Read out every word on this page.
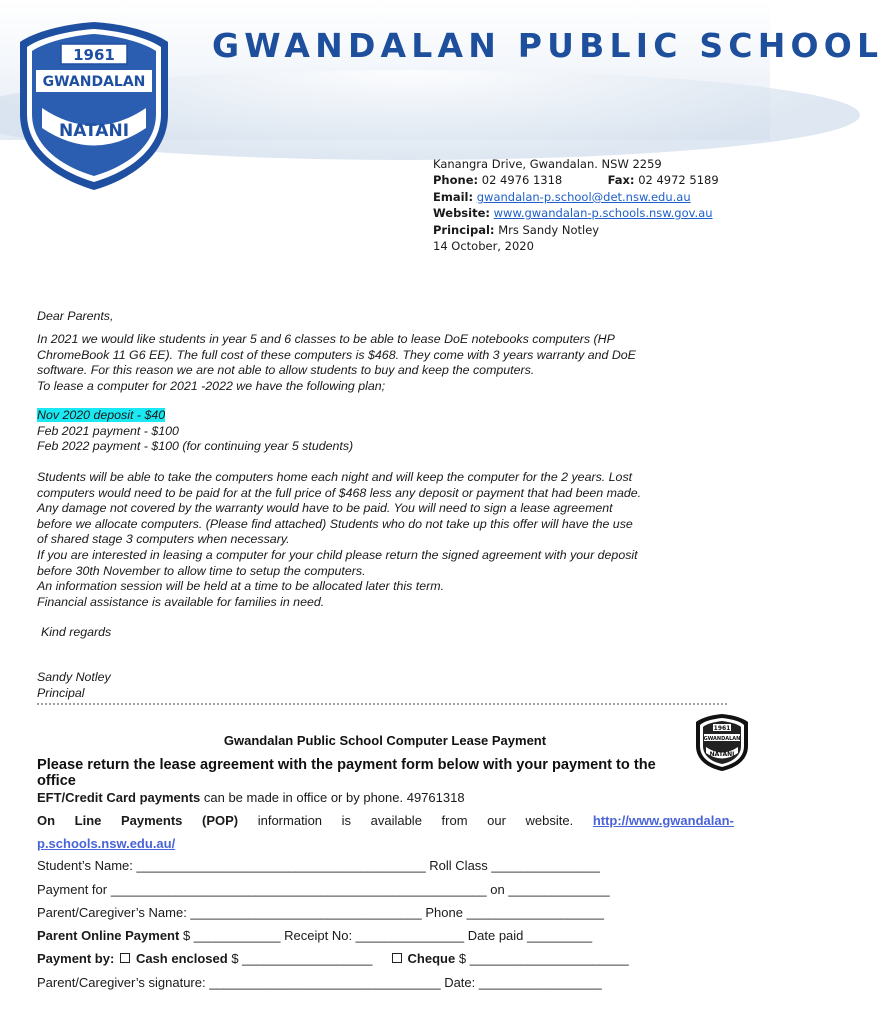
GWANDALAN PUBLIC SCHOOL
1961
GWANDALAN
NATANI
Kanangra Drive, Gwandalan. NSW 2259
Phone: 02 4976 1318	Fax: 02 4972 5189
Email: gwandalan-p.school@det.nsw.edu.au
Website: www.gwandalan-p.schools.nsw.gov.au
Principal: Mrs Sandy Notley
14 October, 2020
Dear Parents,
In 2021 we would like students in year 5 and 6 classes to be able to lease DoE notebooks computers (HP
ChromeBook 11 G6 EE). The full cost of these computers is $468. They come with 3 years warranty and DoE
software. For this reason we are not able to allow students to buy and keep the computers.
To lease a computer for 2021 -2022 we have the following plan;
Nov 2020 deposit - $40
Feb 2021 payment - $100
Feb 2022 payment - $100 (for continuing year 5 students)
Students will be able to take the computers home each night and will keep the computer for the 2 years. Lost
computers would need to be paid for at the full price of $468 less any deposit or payment that had been made.
Any damage not covered by the warranty would have to be paid. You will need to sign a lease agreement
before we allocate computers. (Please find attached) Students who do not take up this offer will have the use
of shared stage 3 computers when necessary.
If you are interested in leasing a computer for your child please return the signed agreement with your deposit
before 30th November to allow time to setup the computers.
An information session will be held at a time to be allocated later this term.
Financial assistance is available for families in need.
Kind regards
Sandy Notley
Principal
1961
GWANDALAN
NATANI
Gwandalan Public School Computer Lease Payment
Please return the lease agreement with the payment form below with your payment to the
office
EFT/Credit Card payments can be made in office or by phone. 49761318
On Line Payments (POP) information is available from our website. http://www.gwandalan-
p.schools.nsw.edu.au/
Student’s Name: ________________________________________ Roll Class _______________
Payment for ____________________________________________________ on ______________
Parent/Caregiver’s Name: ________________________________ Phone ___________________
Parent Online Payment $ ____________ Receipt No: _______________ Date paid _________
Payment by: Cash enclosed $ __________________	Cheque $ ______________________
Parent/Caregiver’s signature: ________________________________ Date: _________________
